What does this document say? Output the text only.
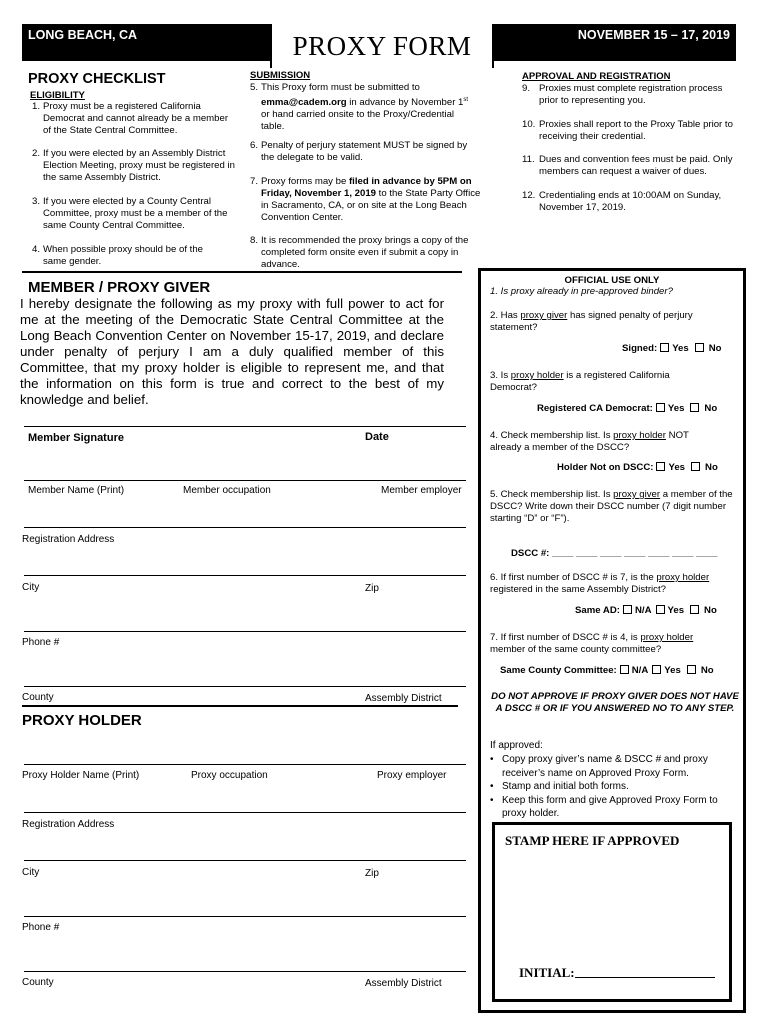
LONG BEACH, CA	NOVEMBER 15 – 17, 2019
PROXY FORM
PROXY CHECKLIST
ELIGIBILITY
1. Proxy must be a registered California Democrat and cannot already be a member of the State Central Committee.
2. If you were elected by an Assembly District Election Meeting, proxy must be registered in the same Assembly District.
3. If you were elected by a County Central Committee, proxy must be a member of the same County Central Committee.
4. When possible proxy should be of the same gender.
SUBMISSION
5. This Proxy form must be submitted to
emma@cadem.org in advance by November 1st or hand carried onsite to the Proxy/Credential table.
6. Penalty of perjury statement MUST be signed by the delegate to be valid.
7. Proxy forms may be filed in advance by 5PM on Friday, November 1, 2019 to the State Party Office in Sacramento, CA, or on site at the Long Beach Convention Center.
8. It is recommended the proxy brings a copy of the completed form onsite even if submit a copy in advance.
APPROVAL AND REGISTRATION
9. Proxies must complete registration process prior to representing you.
10. Proxies shall report to the Proxy Table prior to receiving their credential.
11. Dues and convention fees must be paid. Only members can request a waiver of dues.
12. Credentialing ends at 10:00AM on Sunday, November 17, 2019.
MEMBER / PROXY GIVER
I hereby designate the following as my proxy with full power to act for me at the meeting of the Democratic State Central Committee at the Long Beach Convention Center on November 15-17, 2019, and declare under penalty of perjury I am a duly qualified member of this Committee, that my proxy holder is eligible to represent me, and that the information on this form is true and correct to the best of my knowledge and belief.
Member Signature	Date
Member Name (Print)	Member occupation	Member employer
Registration Address
City	Zip
Phone #
County	Assembly District
PROXY HOLDER
Proxy Holder Name (Print)	Proxy occupation	Proxy employer
Registration Address
City	Zip
Phone #
County	Assembly District
OFFICIAL USE ONLY
1. Is proxy already in pre-approved binder?
2. Has proxy giver has signed penalty of perjury statement?
Signed: Yes No
3. Is proxy holder is a registered California Democrat?
Registered CA Democrat: Yes No
4. Check membership list. Is proxy holder NOT already a member of the DSCC?
Holder Not on DSCC: Yes No
5. Check membership list. Is proxy giver a member of the DSCC? Write down their DSCC number (7 digit number starting “D” or “F”).
DSCC #: ____ ____ ____ ____ ____ ____ ____
6. If first number of DSCC # is 7, is the proxy holder registered in the same Assembly District?
Same AD: N/A Yes No
7. If first number of DSCC # is 4, is proxy holder member of the same county committee?
Same County Committee: N/A Yes No
DO NOT APPROVE IF PROXY GIVER DOES NOT HAVE A DSCC # OR IF YOU ANSWERED NO TO ANY STEP.
If approved:
• Copy proxy giver’s name & DSCC # and proxy receiver’s name on Approved Proxy Form.
• Stamp and initial both forms.
• Keep this form and give Approved Proxy Form to proxy holder.
STAMP HERE IF APPROVED
INITIAL:
